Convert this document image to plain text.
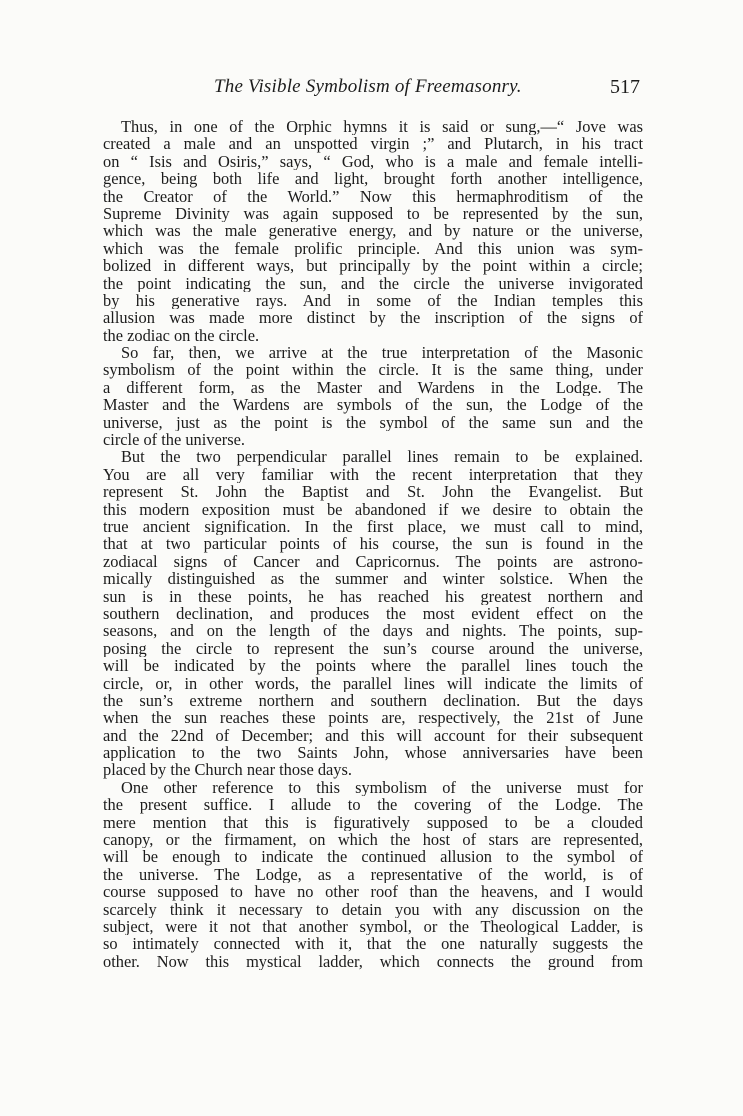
The Visible Symbolism of Freemasonry.	517
Thus, in one of the Orphic hymns it is said or sung,—“ Jove was
created a male and an unspotted virgin ;” and Plutarch, in his tract
on “ Isis and Osiris,” says, “ God, who is a male and female intelli-
gence, being both life and light, brought forth another intelligence,
the Creator of the World.” Now this hermaphroditism of the
Supreme Divinity was again supposed to be represented by the sun,
which was the male generative energy, and by nature or the universe,
which was the female prolific principle. And this union was sym-
bolized in different ways, but principally by the point within a circle;
the point indicating the sun, and the circle the universe invigorated
by his generative rays. And in some of the Indian temples this
allusion was made more distinct by the inscription of the signs of
the zodiac on the circle.
So far, then, we arrive at the true interpretation of the Masonic
symbolism of the point within the circle. It is the same thing, under
a different form, as the Master and Wardens in the Lodge. The
Master and the Wardens are symbols of the sun, the Lodge of the
universe, just as the point is the symbol of the same sun and the
circle of the universe.
But the two perpendicular parallel lines remain to be explained.
You are all very familiar with the recent interpretation that they
represent St. John the Baptist and St. John the Evangelist. But
this modern exposition must be abandoned if we desire to obtain the
true ancient signification. In the first place, we must call to mind,
that at two particular points of his course, the sun is found in the
zodiacal signs of Cancer and Capricornus. The points are astrono-
mically distinguished as the summer and winter solstice. When the
sun is in these points, he has reached his greatest northern and
southern declination, and produces the most evident effect on the
seasons, and on the length of the days and nights. The points, sup-
posing the circle to represent the sun’s course around the universe,
will be indicated by the points where the parallel lines touch the
circle, or, in other words, the parallel lines will indicate the limits of
the sun’s extreme northern and southern declination. But the days
when the sun reaches these points are, respectively, the 21st of June
and the 22nd of December; and this will account for their subsequent
application to the two Saints John, whose anniversaries have been
placed by the Church near those days.
One other reference to this symbolism of the universe must for
the present suffice. I allude to the covering of the Lodge. The
mere mention that this is figuratively supposed to be a clouded
canopy, or the firmament, on which the host of stars are represented,
will be enough to indicate the continued allusion to the symbol of
the universe. The Lodge, as a representative of the world, is of
course supposed to have no other roof than the heavens, and I would
scarcely think it necessary to detain you with any discussion on the
subject, were it not that another symbol, or the Theological Ladder, is
so intimately connected with it, that the one naturally suggests the
other. Now this mystical ladder, which connects the ground from
